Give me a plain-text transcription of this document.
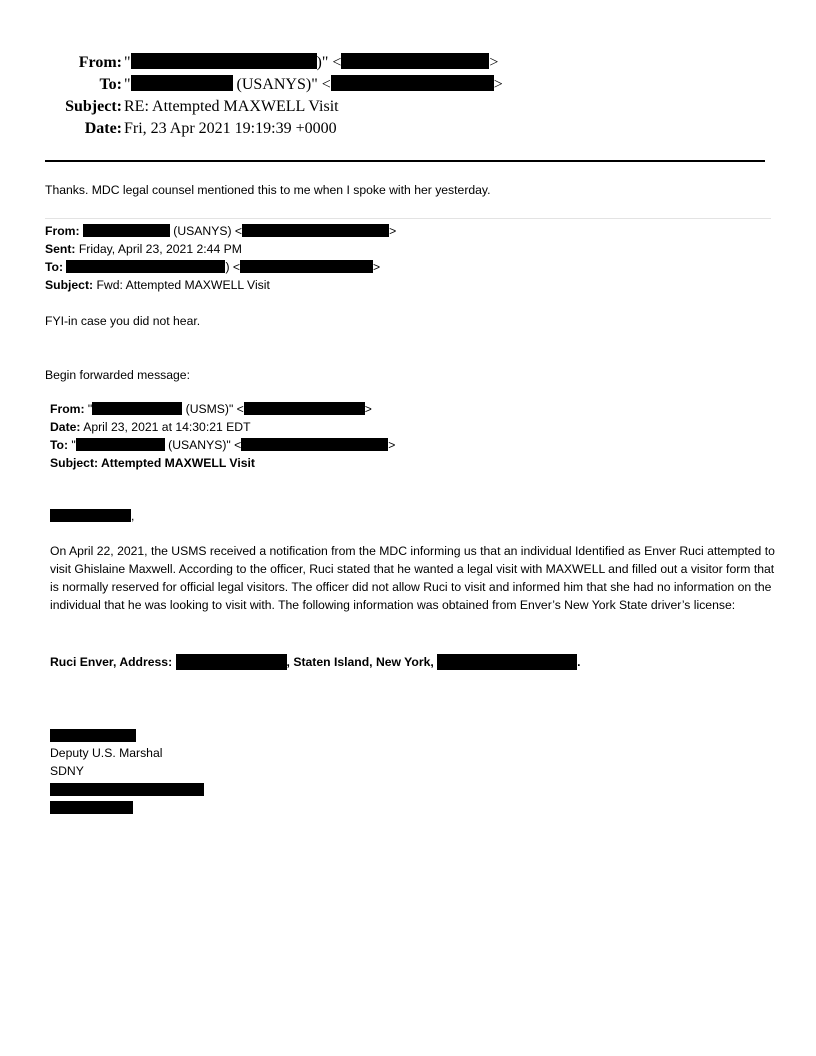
From: "	)" <	>
To: "	(USANYS)" <	>
Subject: RE: Attempted MAXWELL Visit
Date: Fri, 23 Apr 2021 19:19:39 +0000
Thanks. MDC legal counsel mentioned this to me when I spoke with her yesterday.
From:	(USANYS) <	>
Sent: Friday, April 23, 2021 2:44 PM
To:	) <	>
Subject: Fwd: Attempted MAXWELL Visit
FYI-in case you did not hear.
Begin forwarded message:
From: "	(USMS)" <	>
Date: April 23, 2021 at 14:30:21 EDT
To: "	(USANYS)" <	>
Subject: Attempted MAXWELL Visit
,
On April 22, 2021, the USMS received a notification from the MDC informing us that an individual Identified as Enver Ruci attempted to visit Ghislaine Maxwell. According to the officer, Ruci stated that he wanted a legal visit with MAXWELL and filled out a visitor form that is normally reserved for official legal visitors. The officer did not allow Ruci to visit and informed him that she had no information on the individual that he was looking to visit with. The following information was obtained from Enver’s New York State driver’s license:
Ruci Enver, Address:	, Staten Island, New York,	.
Deputy U.S. Marshal
SDNY
